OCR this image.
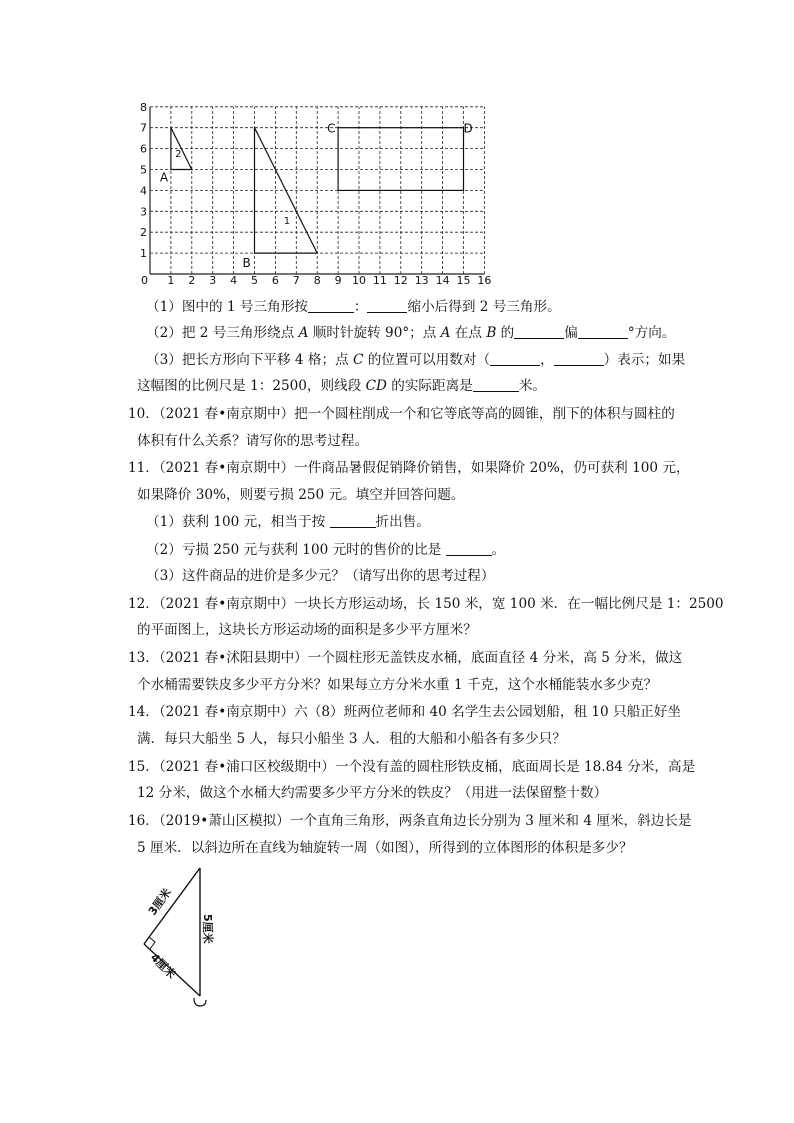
0 1 2 3 4 5 6 7 8 9 10 11 12 13 14 15 16
1
2
3
4
5
6
7
8
A
B
C	D
1
2
（1）图中的 1 号三角形按	：	缩小后得到 2 号三角形。
（2）把 2 号三角形绕点 A 顺时针旋转 90°；点 A 在点 B 的	偏	°方向。
（3）把长方形向下平移 4 格；点 C 的位置可以用数对（	，	）表示；如果
这幅图的比例尺是 1：2500，则线段 CD 的实际距离是	米。
10．（2021 春•南京期中）把一个圆柱削成一个和它等底等高的圆锥，削下的体积与圆柱的
体积有什么关系？请写你的思考过程。
11．（2021 春•南京期中）一件商品暑假促销降价销售，如果降价 20%，仍可获利 100 元，
如果降价 30%，则要亏损 250 元。填空并回答问题。
（1）获利 100 元，相当于按	折出售。
（2）亏损 250 元与获利 100 元时的售价的比是	。
（3）这件商品的进价是多少元？（请写出你的思考过程）
12．（2021 春•南京期中）一块长方形运动场，长 150 米，宽 100 米．在一幅比例尺是 1：2500
的平面图上，这块长方形运动场的面积是多少平方厘米？
13．（2021 春•沭阳县期中）一个圆柱形无盖铁皮水桶，底面直径 4 分米，高 5 分米，做这
个水桶需要铁皮多少平方分米？如果每立方分米水重 1 千克，这个水桶能装水多少克？
14．（2021 春•南京期中）六（8）班两位老师和 40 名学生去公园划船，租 10 只船正好坐
满．每只大船坐 5 人，每只小船坐 3 人．租的大船和小船各有多少只？
15．（2021 春•浦口区校级期中）一个没有盖的圆柱形铁皮桶，底面周长是 18.84 分米，高是
12 分米，做这个水桶大约需要多少平方分米的铁皮？（用进一法保留整十数）
16．（2019•萧山区模拟）一个直角三角形，两条直角边长分别为 3 厘米和 4 厘米，斜边长是
5 厘米．以斜边所在直线为轴旋转一周（如图），所得到的立体图形的体积是多少？
3厘米
4厘米
5厘米
